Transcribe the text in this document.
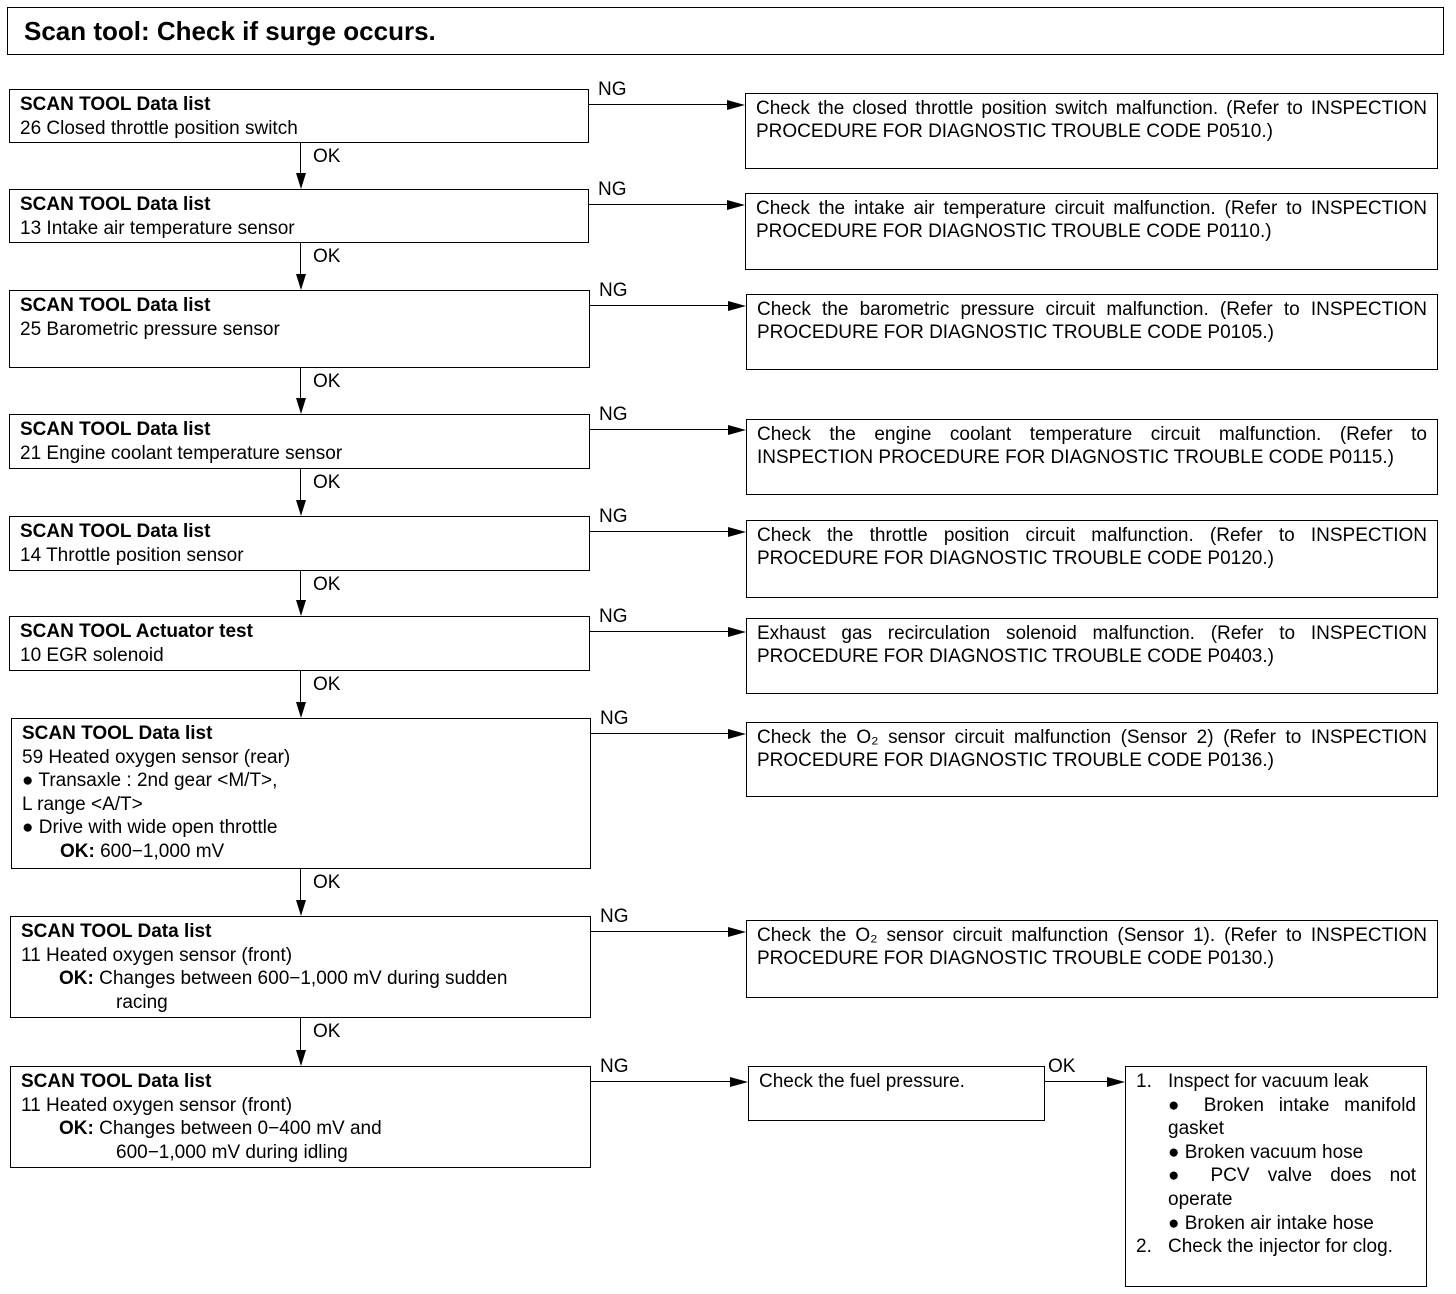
Scan tool: Check if surge occurs.
SCAN TOOL Data list
26 Closed throttle position switch
Check the closed throttle position switch malfunction. (Refer to INSPECTION PROCEDURE FOR DIAGNOSTIC TROUBLE CODE P0510.)
NG
OK
SCAN TOOL Data list
13 Intake air temperature sensor
Check the intake air temperature circuit malfunction. (Refer to INSPECTION PROCEDURE FOR DIAGNOSTIC TROUBLE CODE P0110.)
NG
OK
SCAN TOOL Data list
25 Barometric pressure sensor
Check the barometric pressure circuit malfunction. (Refer to INSPECTION PROCEDURE FOR DIAGNOSTIC TROUBLE CODE P0105.)
NG
OK
SCAN TOOL Data list
21 Engine coolant temperature sensor
Check the engine coolant temperature circuit malfunction. (Refer to INSPECTION PROCEDURE FOR DIAGNOSTIC TROUBLE CODE P0115.)
NG
OK
SCAN TOOL Data list
14 Throttle position sensor
Check the throttle position circuit malfunction. (Refer to INSPECTION PROCEDURE FOR DIAGNOSTIC TROUBLE CODE P0120.)
NG
OK
SCAN TOOL Actuator test
10 EGR solenoid
Exhaust gas recirculation solenoid malfunction. (Refer to INSPECTION PROCEDURE FOR DIAGNOSTIC TROUBLE CODE P0403.)
NG
OK
SCAN TOOL Data list
59 Heated oxygen sensor (rear)
● Transaxle : 2nd gear <M/T>,
L range <A/T>
● Drive with wide open throttle
OK: 600−1,000 mV
Check the O₂ sensor circuit malfunction (Sensor 2) (Refer to INSPECTION PROCEDURE FOR DIAGNOSTIC TROUBLE CODE P0136.)
NG
OK
SCAN TOOL Data list
11 Heated oxygen sensor (front)
OK: Changes between 600−1,000 mV during sudden
racing
Check the O₂ sensor circuit malfunction (Sensor 1). (Refer to INSPECTION PROCEDURE FOR DIAGNOSTIC TROUBLE CODE P0130.)
NG
OK
SCAN TOOL Data list
11 Heated oxygen sensor (front)
OK: Changes between 0−400 mV and
600−1,000 mV during idling
Check the fuel pressure.
NG	OK
1. Inspect for vacuum leak
● Broken intake manifold gasket
● Broken vacuum hose
● PCV valve does not operate
● Broken air intake hose
2. Check the injector for clog.
